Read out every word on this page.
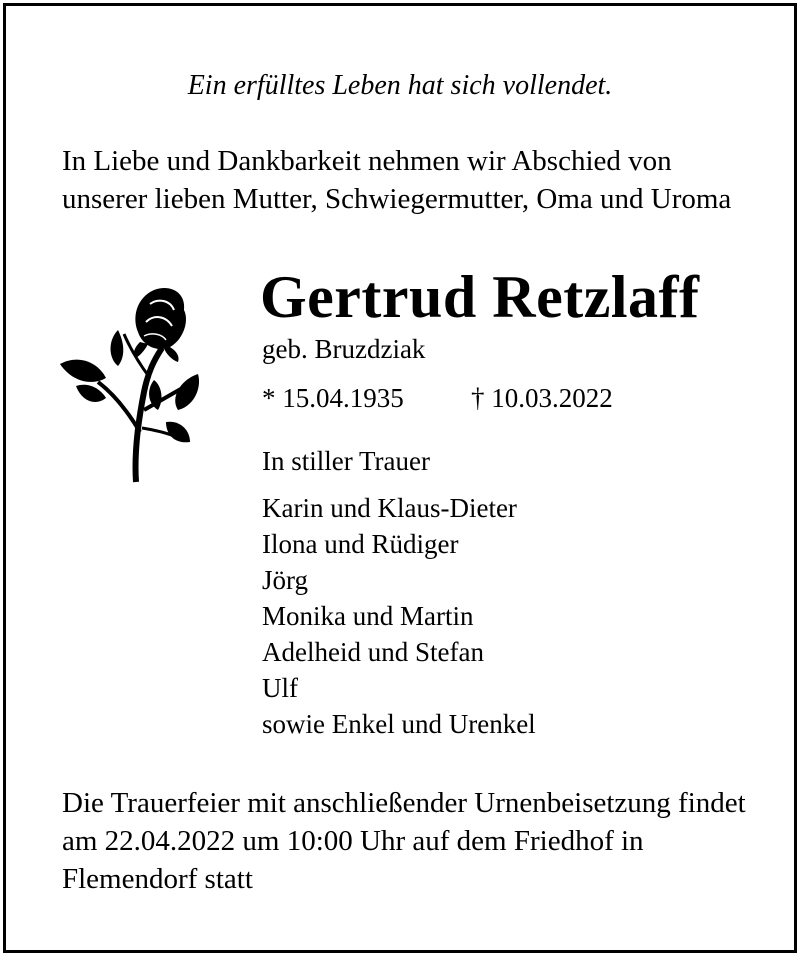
Ein erfülltes Leben hat sich vollendet.
In Liebe und Dankbarkeit nehmen wir Abschied von unserer lieben Mutter, Schwiegermutter, Oma und Uroma
Gertrud Retzlaff
geb. Bruzdziak
* 15.04.1935 † 10.03.2022
In stiller Trauer
Karin und Klaus-Dieter
Ilona und Rüdiger
Jörg
Monika und Martin
Adelheid und Stefan
Ulf
sowie Enkel und Urenkel
Die Trauerfeier mit anschließender Urnenbeisetzung findet am 22.04.2022 um 10:00 Uhr auf dem Friedhof in Flemendorf statt
